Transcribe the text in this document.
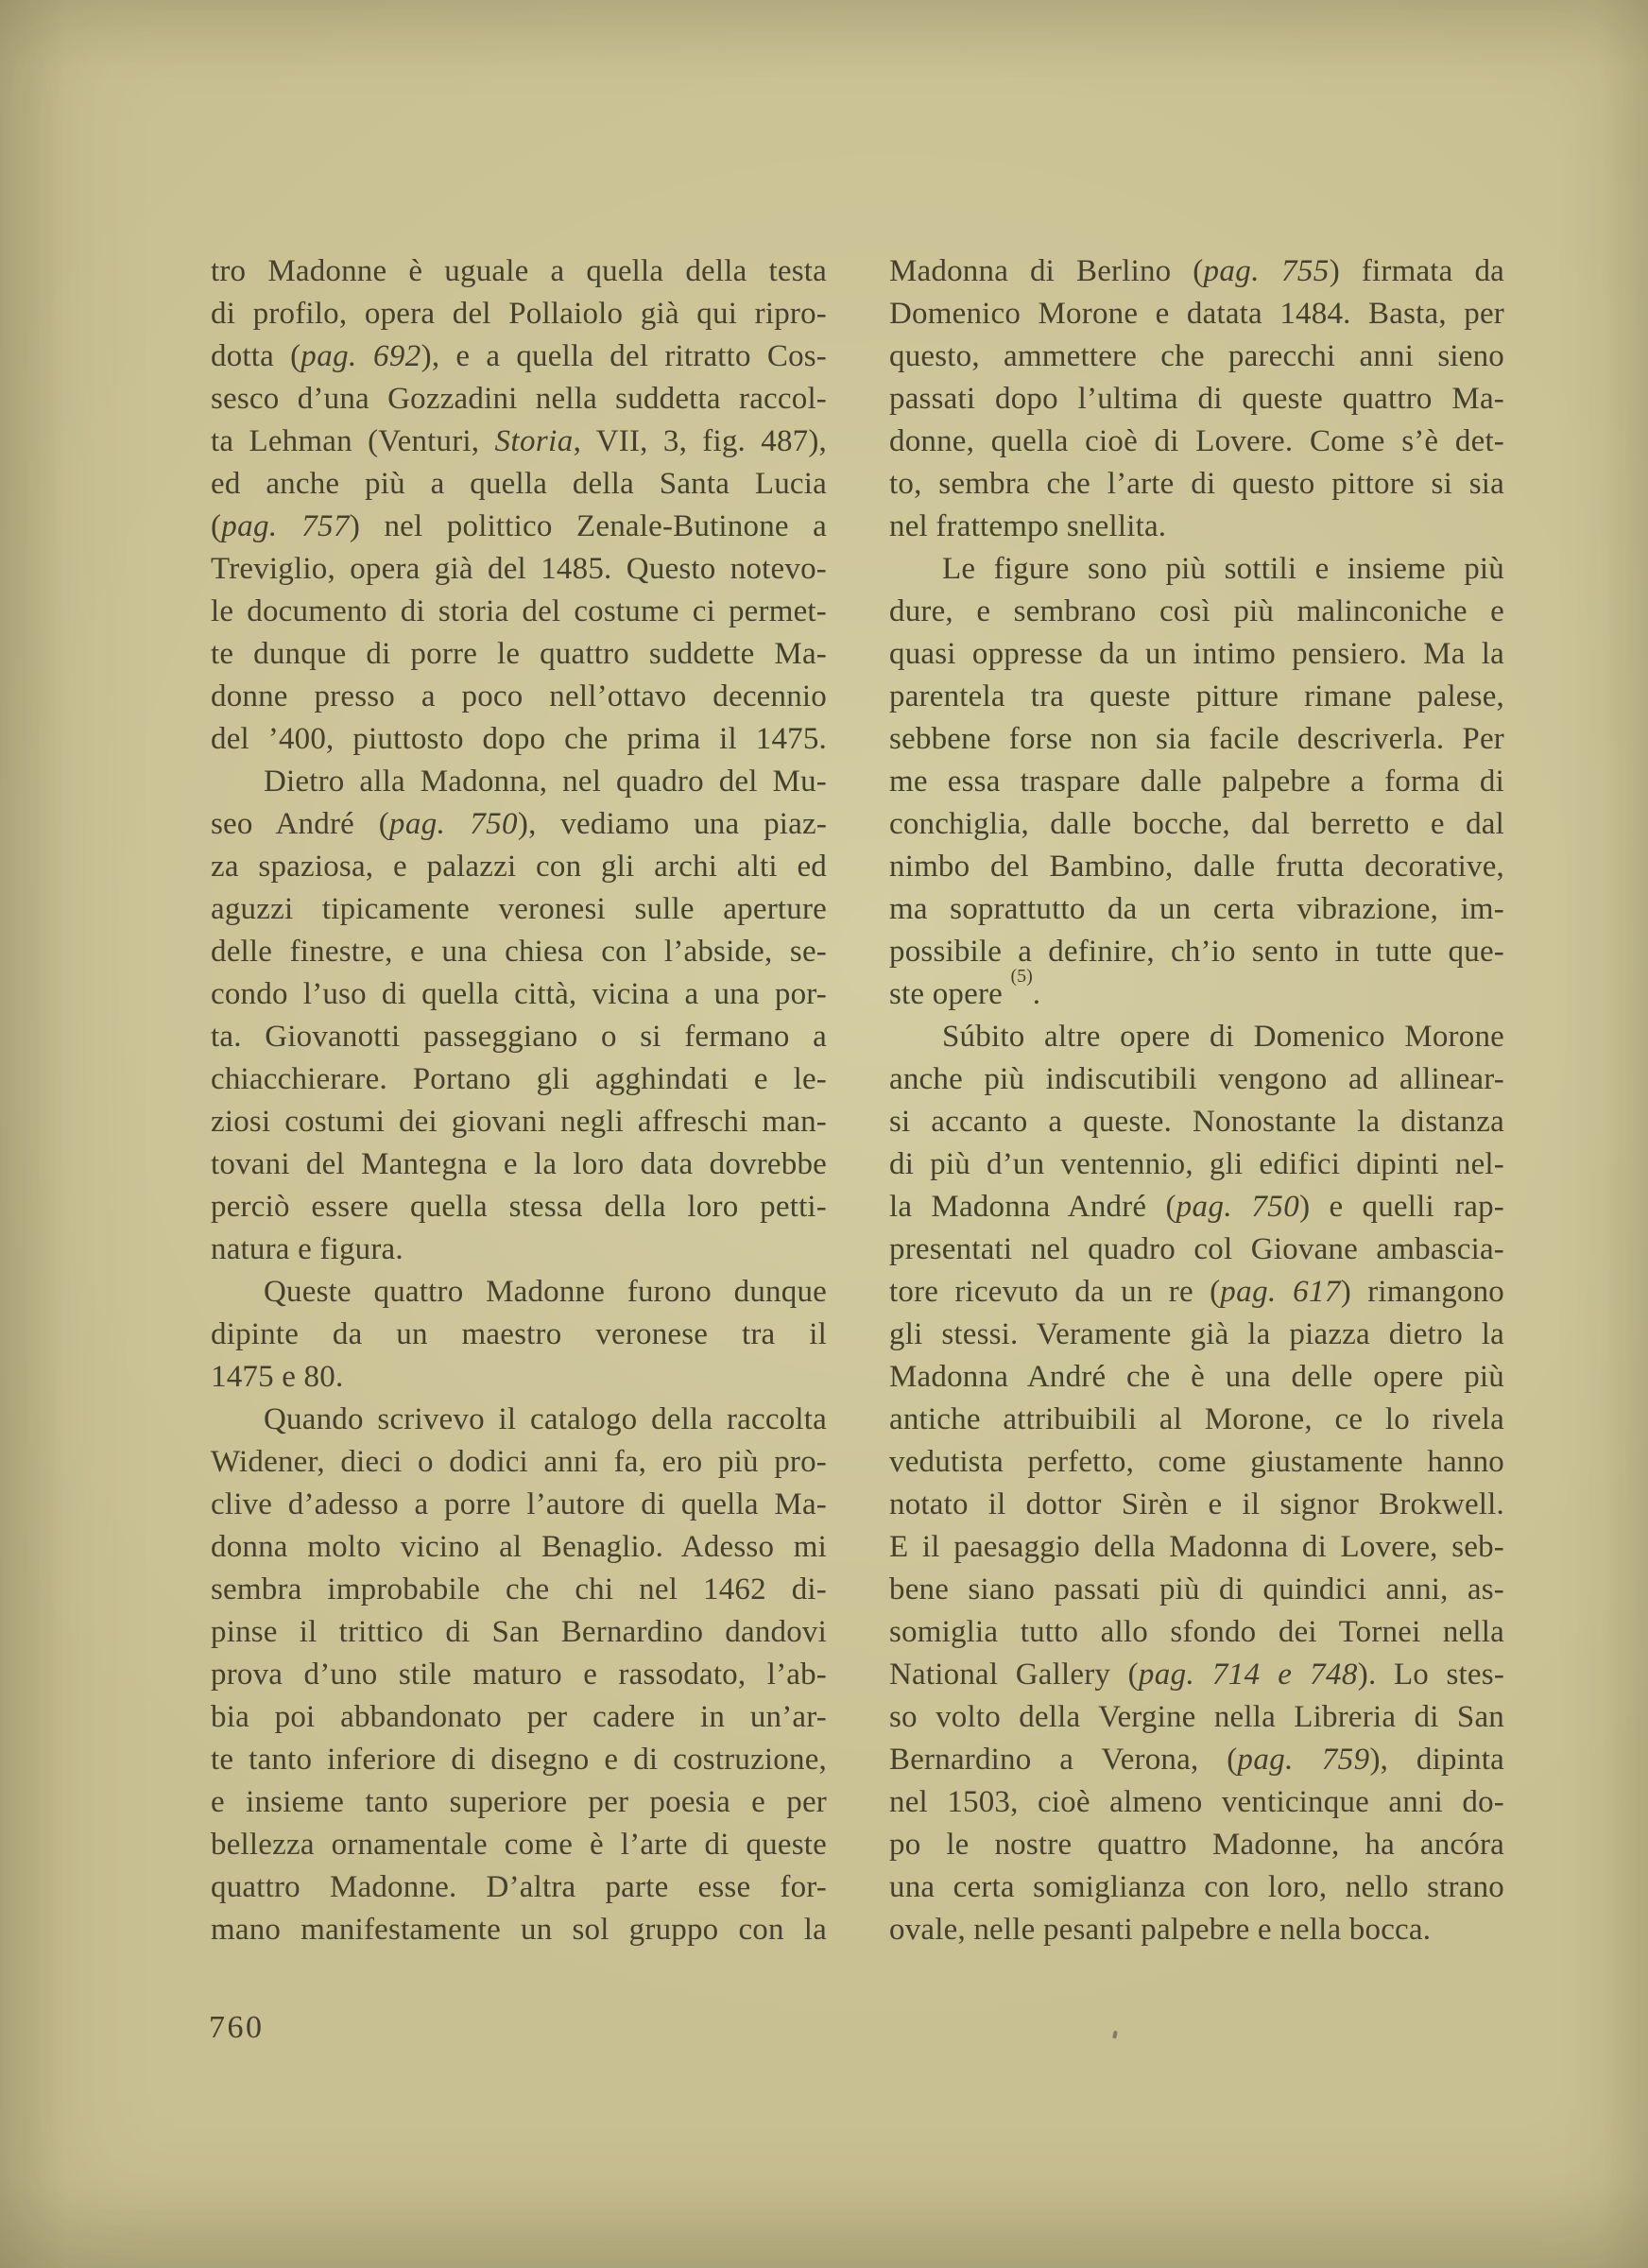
tro Madonne è uguale a quella della testa
di profilo, opera del Pollaiolo già qui ripro-
dotta (pag. 692), e a quella del ritratto Cos-
sesco d’una Gozzadini nella suddetta raccol-
ta Lehman (Venturi, Storia, VII, 3, fig. 487),
ed anche più a quella della Santa Lucia
(pag. 757) nel polittico Zenale-Butinone a
Treviglio, opera già del 1485. Questo notevo-
le documento di storia del costume ci permet-
te dunque di porre le quattro suddette Ma-
donne presso a poco nell’ottavo decennio
del ’400, piuttosto dopo che prima il 1475.
Dietro alla Madonna, nel quadro del Mu-
seo André (pag. 750), vediamo una piaz-
za spaziosa, e palazzi con gli archi alti ed
aguzzi tipicamente veronesi sulle aperture
delle finestre, e una chiesa con l’abside, se-
condo l’uso di quella città, vicina a una por-
ta. Giovanotti passeggiano o si fermano a
chiacchierare. Portano gli agghindati e le-
ziosi costumi dei giovani negli affreschi man-
tovani del Mantegna e la loro data dovrebbe
perciò essere quella stessa della loro petti-
natura e figura.
Queste quattro Madonne furono dunque
dipinte da un maestro veronese tra il
1475 e 80.
Quando scrivevo il catalogo della raccolta
Widener, dieci o dodici anni fa, ero più pro-
clive d’adesso a porre l’autore di quella Ma-
donna molto vicino al Benaglio. Adesso mi
sembra improbabile che chi nel 1462 di-
pinse il trittico di San Bernardino dandovi
prova d’uno stile maturo e rassodato, l’ab-
bia poi abbandonato per cadere in un’ar-
te tanto inferiore di disegno e di costruzione,
e insieme tanto superiore per poesia e per
bellezza ornamentale come è l’arte di queste
quattro Madonne. D’altra parte esse for-
mano manifestamente un sol gruppo con la
Madonna di Berlino (pag. 755) firmata da
Domenico Morone e datata 1484. Basta, per
questo, ammettere che parecchi anni sieno
passati dopo l’ultima di queste quattro Ma-
donne, quella cioè di Lovere. Come s’è det-
to, sembra che l’arte di questo pittore si sia
nel frattempo snellita.
Le figure sono più sottili e insieme più
dure, e sembrano così più malinconiche e
quasi oppresse da un intimo pensiero. Ma la
parentela tra queste pitture rimane palese,
sebbene forse non sia facile descriverla. Per
me essa traspare dalle palpebre a forma di
conchiglia, dalle bocche, dal berretto e dal
nimbo del Bambino, dalle frutta decorative,
ma soprattutto da un certa vibrazione, im-
possibile a definire, ch’io sento in tutte que-
ste opere $^{(5)}$.
Súbito altre opere di Domenico Morone
anche più indiscutibili vengono ad allinear-
si accanto a queste. Nonostante la distanza
di più d’un ventennio, gli edifici dipinti nel-
la Madonna André (pag. 750) e quelli rap-
presentati nel quadro col Giovane ambascia-
tore ricevuto da un re (pag. 617) rimangono
gli stessi. Veramente già la piazza dietro la
Madonna André che è una delle opere più
antiche attribuibili al Morone, ce lo rivela
vedutista perfetto, come giustamente hanno
notato il dottor Sirèn e il signor Brokwell.
E il paesaggio della Madonna di Lovere, seb-
bene siano passati più di quindici anni, as-
somiglia tutto allo sfondo dei Tornei nella
National Gallery (pag. 714 e 748). Lo stes-
so volto della Vergine nella Libreria di San
Bernardino a Verona, (pag. 759), dipinta
nel 1503, cioè almeno venticinque anni do-
po le nostre quattro Madonne, ha ancóra
una certa somiglianza con loro, nello strano
ovale, nelle pesanti palpebre e nella bocca.
760
